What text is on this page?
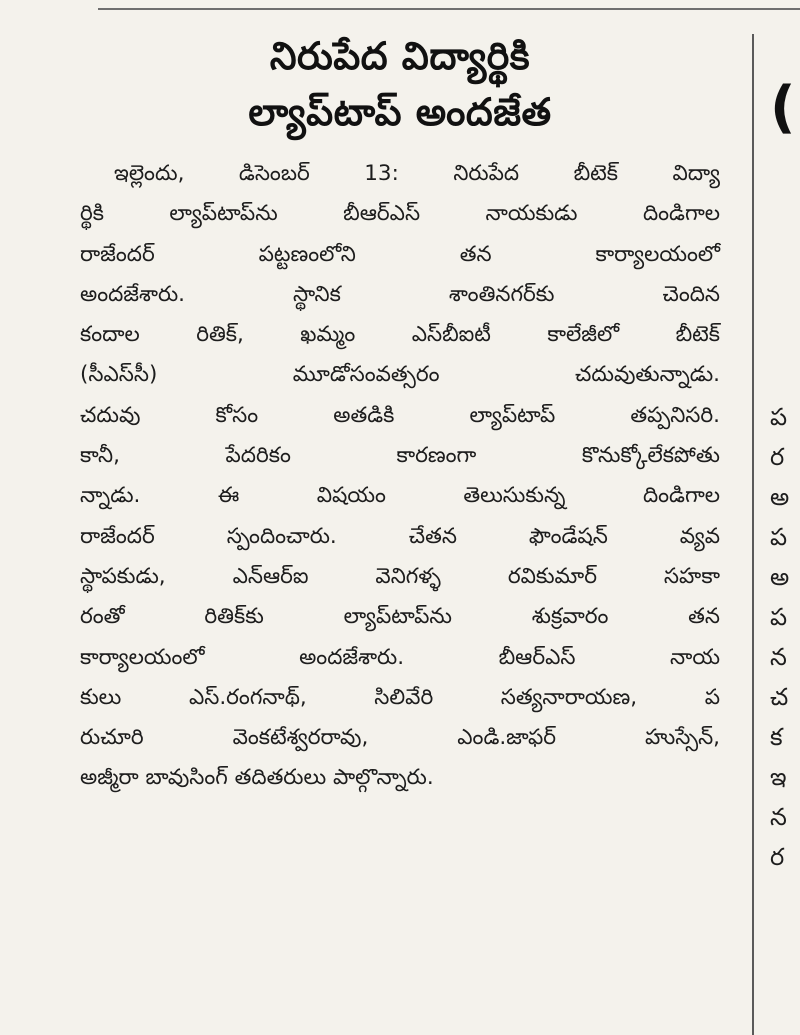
నిరుపేద విద్యార్థికి
ల్యాప్‌టాప్ అందజేత
ఇల్లెందు, డిసెంబర్ 13: నిరుపేద బీటెక్ విద్యా
ర్థికి ల్యాప్‌టాప్‌ను బీఆర్ఎస్ నాయకుడు దిండిగాల
రాజేందర్ పట్టణంలోని తన కార్యాలయంలో
అందజేశారు. స్థానిక శాంతినగర్‌కు చెందిన
కందాల రితిక్, ఖమ్మం ఎస్‌బీఐటీ కాలేజీలో బీటెక్
(సీఎస్‌సీ) మూడోసంవత్సరం చదువుతున్నాడు.
చదువు కోసం అతడికి ల్యాప్‌టాప్ తప్పనిసరి.
కానీ, పేదరికం కారణంగా కొనుక్కోలేకపోతు
న్నాడు. ఈ విషయం తెలుసుకున్న దిండిగాల
రాజేందర్ స్పందించారు. చేతన ఫౌండేషన్ వ్యవ
స్థాపకుడు, ఎన్ఆర్ఐ వెనిగళ్ళ రవికుమార్ సహకా
రంతో రితిక్‌కు ల్యాప్‌టాప్‌ను శుక్రవారం తన
కార్యాలయంలో అందజేశారు. బీఆర్ఎస్ నాయ
కులు ఎస్.రంగనాథ్, సిలివేరి సత్యనారాయణ, ప
రుచూరి వెంకటేశ్వరరావు, ఎండి.జాఫర్ హుస్సేన్,
అజ్మీరా బావుసింగ్ తదితరులు పాల్గొన్నారు.
(
ప
ర
అ
ప
అ
ప
న
చ
క
ఇ
న
ర
